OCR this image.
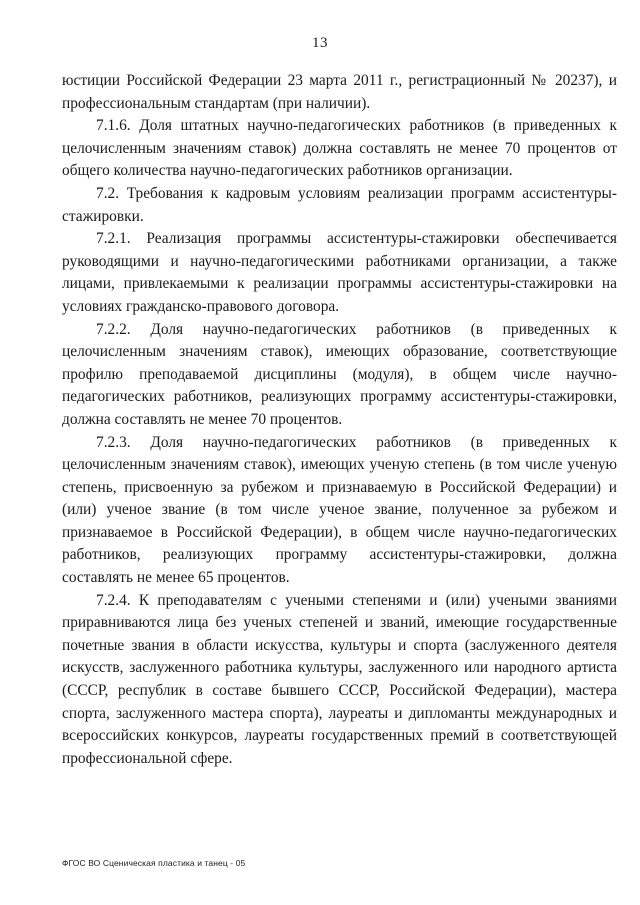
13

юстиции Российской Федерации 23 марта 2011 г., регистрационный № 20237), и профессиональным стандартам (при наличии).

7.1.6. Доля штатных научно-педагогических работников (в приведенных к целочисленным значениям ставок) должна составлять не менее 70 процентов от общего количества научно-педагогических работников организации.

7.2. Требования к кадровым условиям реализации программ ассистентуры-стажировки.

7.2.1. Реализация программы ассистентуры-стажировки обеспечивается руководящими и научно-педагогическими работниками организации, а также лицами, привлекаемыми к реализации программы ассистентуры-стажировки на условиях гражданско-правового договора.

7.2.2. Доля научно-педагогических работников (в приведенных к целочисленным значениям ставок), имеющих образование, соответствующие профилю преподаваемой дисциплины (модуля), в общем числе научно-педагогических работников, реализующих программу ассистентуры-стажировки, должна составлять не менее 70 процентов.

7.2.3. Доля научно-педагогических работников (в приведенных к целочисленным значениям ставок), имеющих ученую степень (в том числе ученую степень, присвоенную за рубежом и признаваемую в Российской Федерации) и (или) ученое звание (в том числе ученое звание, полученное за рубежом и признаваемое в Российской Федерации), в общем числе научно-педагогических работников, реализующих программу ассистентуры-стажировки, должна составлять не менее 65 процентов.

7.2.4. К преподавателям с учеными степенями и (или) учеными званиями приравниваются лица без ученых степеней и званий, имеющие государственные почетные звания в области искусства, культуры и спорта (заслуженного деятеля искусств, заслуженного работника культуры, заслуженного или народного артиста (СССР, республик в составе бывшего СССР, Российской Федерации), мастера спорта, заслуженного мастера спорта), лауреаты и дипломанты международных и всероссийских конкурсов, лауреаты государственных премий в соответствующей профессиональной сфере.

ФГОС ВО Сценическая пластика и танец - 05
